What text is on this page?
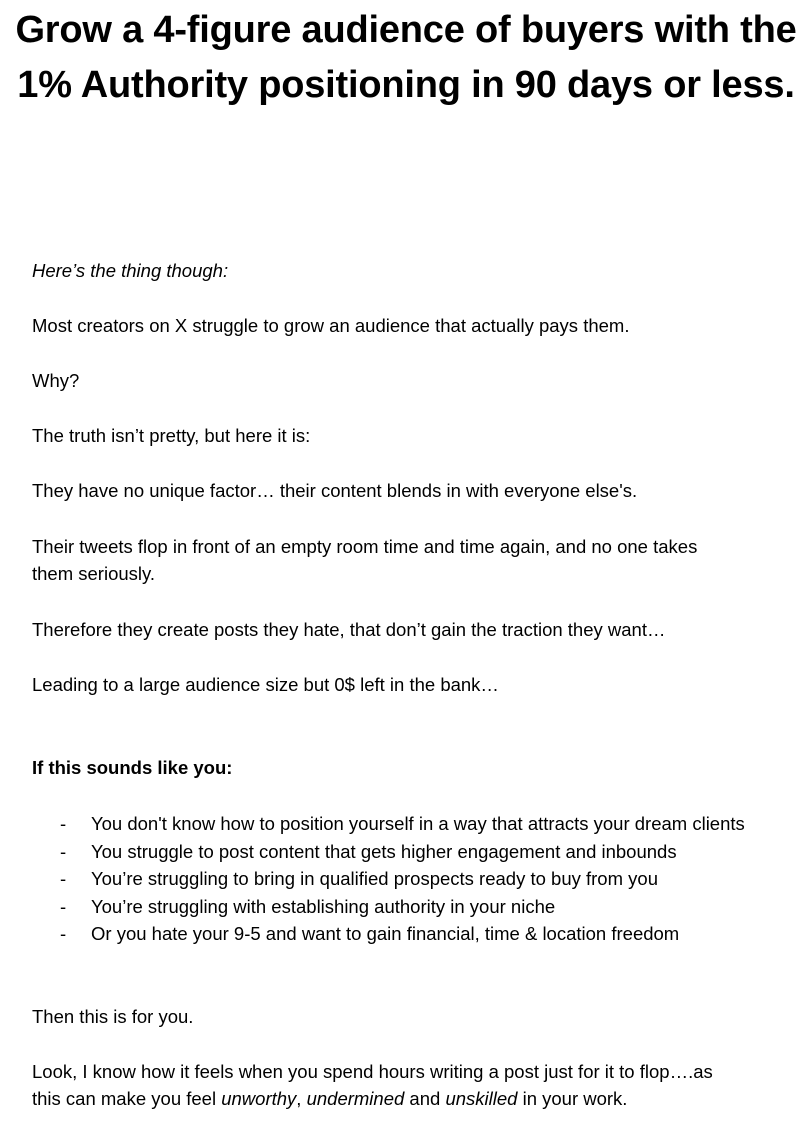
Grow a 4-figure audience of buyers with the 1% Authority positioning in 90 days or less.

Here’s the thing though:

Most creators on X struggle to grow an audience that actually pays them.

Why?

The truth isn’t pretty, but here it is:

They have no unique factor… their content blends in with everyone else's.

Their tweets flop in front of an empty room time and time again, and no one takes
them seriously.

Therefore they create posts they hate, that don’t gain the traction they want…

Leading to a large audience size but 0$ left in the bank…

If this sounds like you:

- You don't know how to position yourself in a way that attracts your dream clients
- You struggle to post content that gets higher engagement and inbounds
- You’re struggling to bring in qualified prospects ready to buy from you
- You’re struggling with establishing authority in your niche
- Or you hate your 9-5 and want to gain financial, time & location freedom

Then this is for you.

Look, I know how it feels when you spend hours writing a post just for it to flop….as
this can make you feel unworthy, undermined and unskilled in your work.
